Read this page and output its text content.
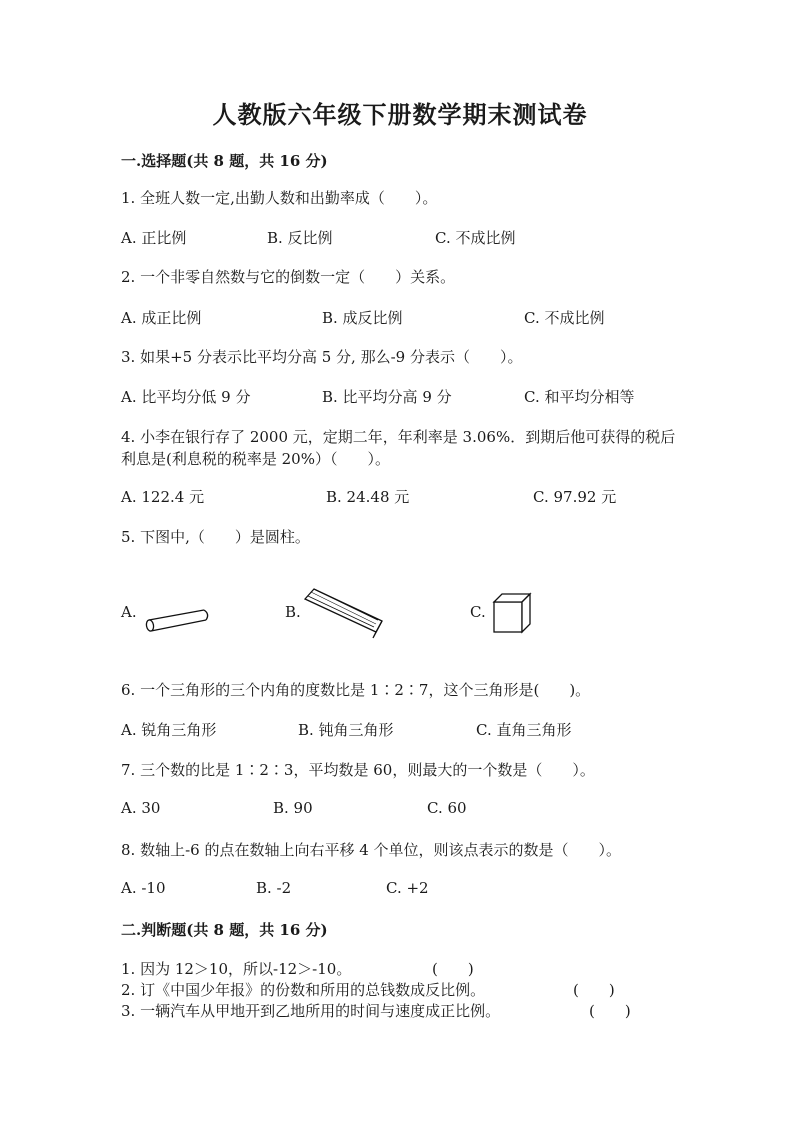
人教版六年级下册数学期末测试卷
一.选择题(共 8 题，共 16 分)
1. 全班人数一定,出勤人数和出勤率成（　　）。
A. 正比例	B. 反比例	C. 不成比例
2. 一个非零自然数与它的倒数一定（　　）关系。
A. 成正比例	B. 成反比例	C. 不成比例
3. 如果+5 分表示比平均分高 5 分, 那么-9 分表示（　　）。
A. 比平均分低 9 分	B. 比平均分高 9 分	C. 和平均分相等
4. 小李在银行存了 2000 元，定期二年，年利率是 3.06%．到期后他可获得的税后利息是(利息税的税率是 20%）（　　）。
A. 122.4 元	B. 24.48 元	C. 97.92 元
5. 下图中,（　　）是圆柱。
A.	B.	C.
6. 一个三角形的三个内角的度数比是 1∶2∶7，这个三角形是(　　)。
A. 锐角三角形	B. 钝角三角形	C. 直角三角形
7. 三个数的比是 1∶2∶3，平均数是 60，则最大的一个数是（　　）。
A. 30	B. 90	C. 60
8. 数轴上-6 的点在数轴上向右平移 4 个单位，则该点表示的数是（　　）。
A. -10	B. -2	C. +2
二.判断题(共 8 题，共 16 分)
1. 因为 12＞10，所以-12＞-10。	(　　)
2. 订《中国少年报》的份数和所用的总钱数成反比例。	(　　)
3. 一辆汽车从甲地开到乙地所用的时间与速度成正比例。	(　　)
